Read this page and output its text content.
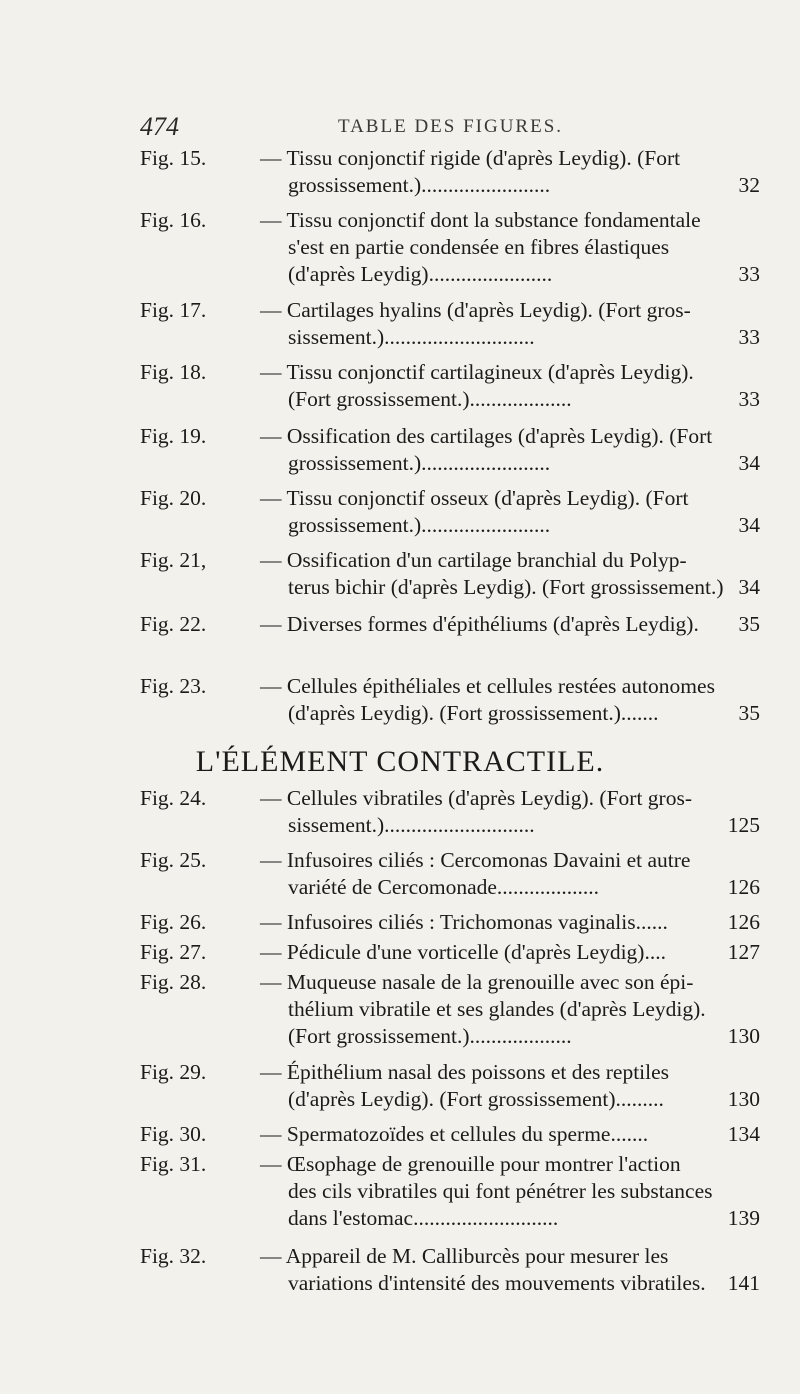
474	TABLE DES FIGURES.
Fig. 15.	— Tissu conjonctif rigide (d'après Leydig). (Fort
grossissement.)........................	32
Fig. 16.	— Tissu conjonctif dont la substance fondamentale
s'est en partie condensée en fibres élastiques
(d'après Leydig).......................	33
Fig. 17.	— Cartilages hyalins (d'après Leydig). (Fort gros-
sissement.)............................	33
Fig. 18.	— Tissu conjonctif cartilagineux (d'après Leydig).
(Fort grossissement.)...................	33
Fig. 19.	— Ossification des cartilages (d'après Leydig). (Fort
grossissement.)........................	34
Fig. 20.	— Tissu conjonctif osseux (d'après Leydig). (Fort
grossissement.)........................	34
Fig. 21,	— Ossification d'un cartilage branchial du Polyp-
terus bichir (d'après Leydig). (Fort grossissement.) 34
Fig. 22.	— Diverses formes d'épithéliums (d'après Leydig).	35
Fig. 23.	— Cellules épithéliales et cellules restées autonomes
(d'après Leydig). (Fort grossissement.).......	35
L'ÉLÉMENT CONTRACTILE.
Fig. 24.	— Cellules vibratiles (d'après Leydig). (Fort gros-
sissement.)............................	125
Fig. 25.	— Infusoires ciliés : Cercomonas Davaini et autre
variété de Cercomonade...................	126
Fig. 26.	— Infusoires ciliés : Trichomonas vaginalis......	126
Fig. 27.	— Pédicule d'une vorticelle (d'après Leydig)....	127
Fig. 28.	— Muqueuse nasale de la grenouille avec son épi-
thélium vibratile et ses glandes (d'après Leydig).
(Fort grossissement.)...................	130
Fig. 29.	— Épithélium nasal des poissons et des reptiles
(d'après Leydig). (Fort grossissement).........	130
Fig. 30.	— Spermatozoïdes et cellules du sperme.......	134
Fig. 31.	— Œsophage de grenouille pour montrer l'action
des cils vibratiles qui font pénétrer les substances
dans l'estomac...........................	139
Fig. 32.	— Appareil de M. Calliburcès pour mesurer les
variations d'intensité des mouvements vibratiles.	141
